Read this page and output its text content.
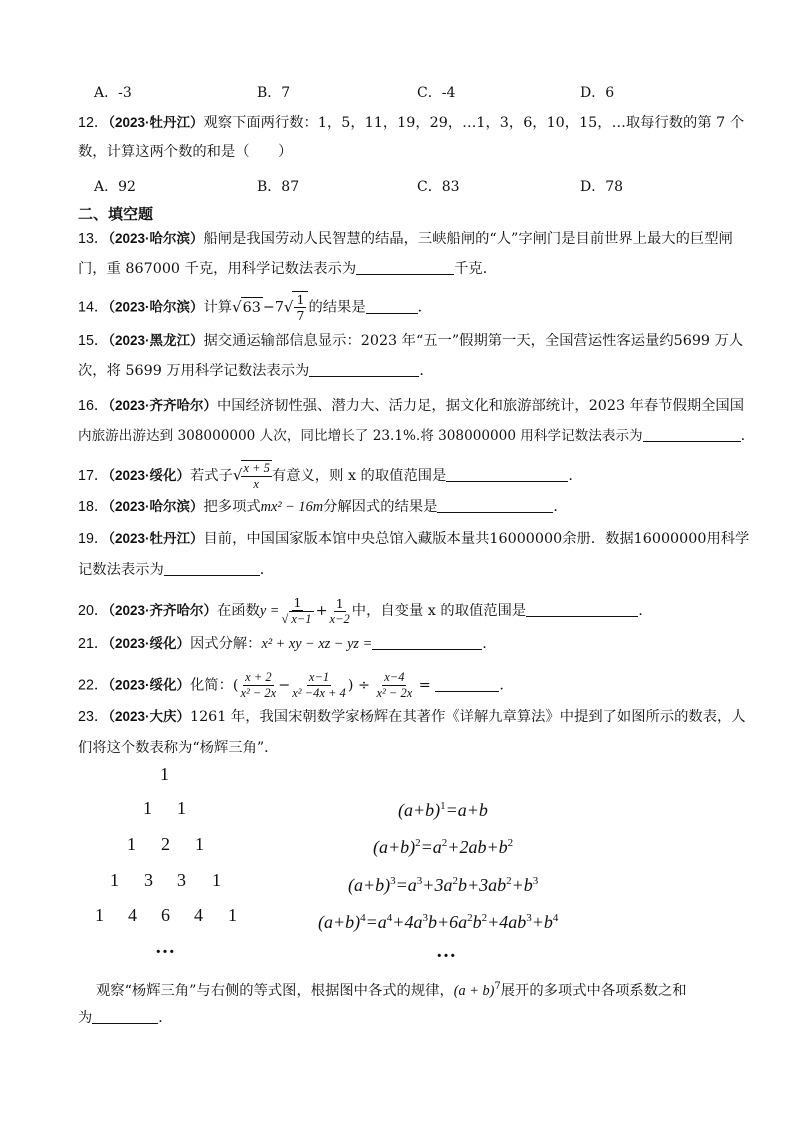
A．-3	B．7	C．-4	D．6
12．（2023·牡丹江）观察下面两行数：1，5，11，19，29，…1，3，6，10，15，…取每行数的第 7 个
数，计算这两个数的和是（　　）
A．92	B．87	C．83	D．78
二、填空题
13．（2023·哈尔滨）船闸是我国劳动人民智慧的结晶，三峡船闸的“人”字闸门是目前世界上最大的巨型闸
门，重 867000 千克，用科学记数法表示为	千克．
14．（2023·哈尔滨）计算$√63 -7√ \frac{1}{7}$ 的结果是	．
15．（2023·黑龙江）据交通运输部信息显示：2023 年“五一”假期第一天，全国营运性客运量约5699 万人
次，将 5699 万用科学记数法表示为	．
16．（2023·齐齐哈尔）中国经济韧性强、潜力大、活力足，据文化和旅游部统计，2023 年春节假期全国国
内旅游出游达到 308000000 人次，同比增长了 23.1%.将 308000000 用科学记数法表示为	.
17．（2023·绥化）若式子√
$\frac{x + 5}{x}$ 有意义，则 x 的取值范围是	.
18．（2023·哈尔滨）把多项式mx² − 16m分解因式的结果是	．
19．（2023·牡丹江）目前，中国国家版本馆中央总馆入藏版本量共16000000余册．数据16000000用科学
记数法表示为	．
20．（2023·齐齐哈尔）在函数$y = \frac{1}{√ x-1} + \frac{1}{x-2}$ 中，自变量 x 的取值范围是	.
21．（2023·绥化）因式分解：x² + xy − xz − yz =	.
22．（2023·绥化）化简：( $\frac{x + 2}{\text{x² − 2x}} - \frac{x-1}{\text{x² −4x + 4}}$ ) ÷ $\frac{x-4}{\text{x² − 2x}}$ =	.
23．（2023·大庆）1261 年，我国宋朝数学家杨辉在其著作《详解九章算法》中提到了如图所示的数表，人
们将这个数表称为“杨辉三角”．
1
1 1
1 2 1
1 3 3 1
1 4 6 4 1
…
$(a+b)^1=a+b$
$(a+b)^2=a^2+2ab+b^2$
$(a+b)^3=a^3+3a^2b+3ab^2+b^3$
$(a+b)^4=a^4+4a^3b+6a^2b^2+4ab^3+b^4$
…
观察“杨辉三角”与右侧的等式图，根据图中各式的规律，$(a + b)^7$展开的多项式中各项系数之和
为	．
